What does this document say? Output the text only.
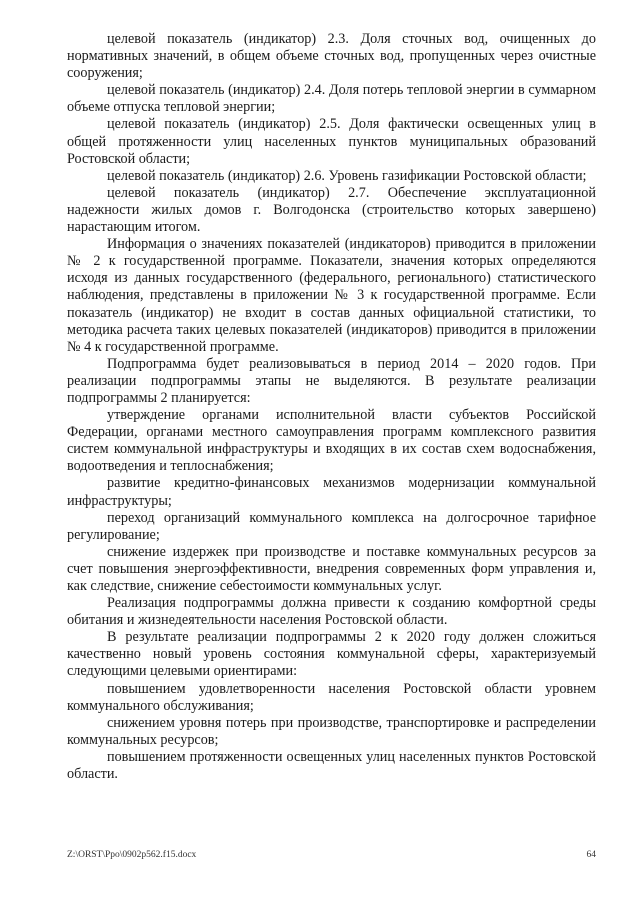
целевой показатель (индикатор) 2.3. Доля сточных вод, очищенных до нормативных значений, в общем объеме сточных вод, пропущенных через очистные сооружения;

целевой показатель (индикатор) 2.4. Доля потерь тепловой энергии в суммарном объеме отпуска тепловой энергии;

целевой показатель (индикатор) 2.5. Доля фактически освещенных улиц в общей протяженности улиц населенных пунктов муниципальных образований Ростовской области;

целевой показатель (индикатор) 2.6. Уровень газификации Ростовской области;

целевой показатель (индикатор) 2.7. Обеспечение эксплуатационной надежности жилых домов г. Волгодонска (строительство которых завершено) нарастающим итогом.

Информация о значениях показателей (индикаторов) приводится в приложении № 2 к государственной программе. Показатели, значения которых определяются исходя из данных государственного (федерального, регионального) статистического наблюдения, представлены в приложении № 3 к государственной программе. Если показатель (индикатор) не входит в состав данных официальной статистики, то методика расчета таких целевых показателей (индикаторов) приводится в приложении № 4 к государственной программе.

Подпрограмма будет реализовываться в период 2014 – 2020 годов. При реализации подпрограммы этапы не выделяются. В результате реализации подпрограммы 2 планируется:

утверждение органами исполнительной власти субъектов Российской Федерации, органами местного самоуправления программ комплексного развития систем коммунальной инфраструктуры и входящих в их состав схем водоснабжения, водоотведения и теплоснабжения;

развитие кредитно-финансовых механизмов модернизации коммунальной инфраструктуры;

переход организаций коммунального комплекса на долгосрочное тарифное регулирование;

снижение издержек при производстве и поставке коммунальных ресурсов за счет повышения энергоэффективности, внедрения современных форм управления и, как следствие, снижение себестоимости коммунальных услуг.

Реализация подпрограммы должна привести к созданию комфортной среды обитания и жизнедеятельности населения Ростовской области.

В результате реализации подпрограммы 2 к 2020 году должен сложиться качественно новый уровень состояния коммунальной сферы, характеризуемый следующими целевыми ориентирами:

повышением удовлетворенности населения Ростовской области уровнем коммунального обслуживания;

снижением уровня потерь при производстве, транспортировке и распределении коммунальных ресурсов;

повышением протяженности освещенных улиц населенных пунктов Ростовской области.

Z:\ORST\Ppo\0902p562.f15.docx	64
